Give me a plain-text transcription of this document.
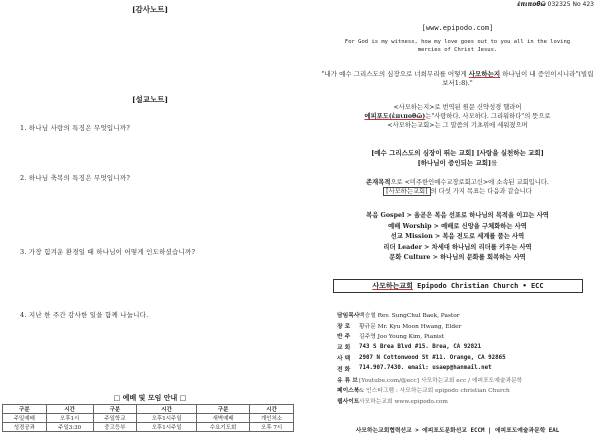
[감사노트]
[설교노트]
1. 하나님 사랑의 특징은 무엇입니까?
2. 하나님 축복의 특징은 무엇입니까?
3. 가장 힘겨운 환경일 때 하나님이 어떻게 인도하셨습니까?
4. 지난 한 주간 감사한 일을 함께 나눕니다.
□ 예배 및 모임 안내 □
구분	시간	구분	시간	구분	시간
주일예배	오후1시	주일학교	오후1시주일	새벽예배	개인처소
성경공과	주일3:30	중고등부	오후1시주일	수요기도회	오후 7시
ἐπιποθῶ 032325 No 423
[www.epipodo.com]
For God is my witness, how my love goes out to you all in the loving mercies of Christ Jesus.
"내가 예수 그리스도의 심장으로 너희무리를 어떻게 사모하는지 하나님이 내 증인이시니라"(빌립보서1:8)."
<사모하는지>로 번역된 원문 신약성경 헬라어
에피포도(ἐπιποθῶ)는"사랑하다. 사모하다. 그리워하다"의 뜻으로
<사모하는교회>는 그 말씀의 기초위에 세워졌으며
[예수 그리스도의 심장이 뛰는 교회] [사랑을 실천하는 교회]
[하나님이 증인되는 교회]를
존재목적으로 <미주한인예수교장로회고신>에 소속된 교회입니다.
[사모하는교회] 의 다섯 가지 목표는 다음과 같습니다
복음 Gospel > 올곧은 복음 선포로 하나님의 목적을 이끄는 사역
예배 Worship > 예배로 신앙을 구체화하는 사역
선교 Mission > 복음 전도로 세계를 품는 사역
리더 Leader > 차세대 하나님의 리더를 키우는 사역
문화 Culture > 하나님의 문화를 회복하는 사역
사모하는교회 Epipodo Christian Church • ECC
담임목사 백승철 Rev. SungChul Baek, Pastor
장 로	황규문 Mr. Kyu Moon Hwang, Elder
반 주	김주영 Joo Young Kim, Pianist
교 회	743 S Brea Blvd #15. Brea, CA 92821
사 택	2907 N Cottonwood St #11. Orange, CA 92865
전 화	714.907.7430. email: usaep@hanmail.net
유 튜 브 [Youtube.com/@ecc] 사모하는교회 ecc / 에피포도예술과문학
페이스북 & 인스타그램 : 사모하는교회 epipodo christian Church
웹사이트 사모하는교회 www.epipodo.com
사모하는교회협력선교 > 에피포도문화선교 ECCM | 에피포도예술과문학 EAL
